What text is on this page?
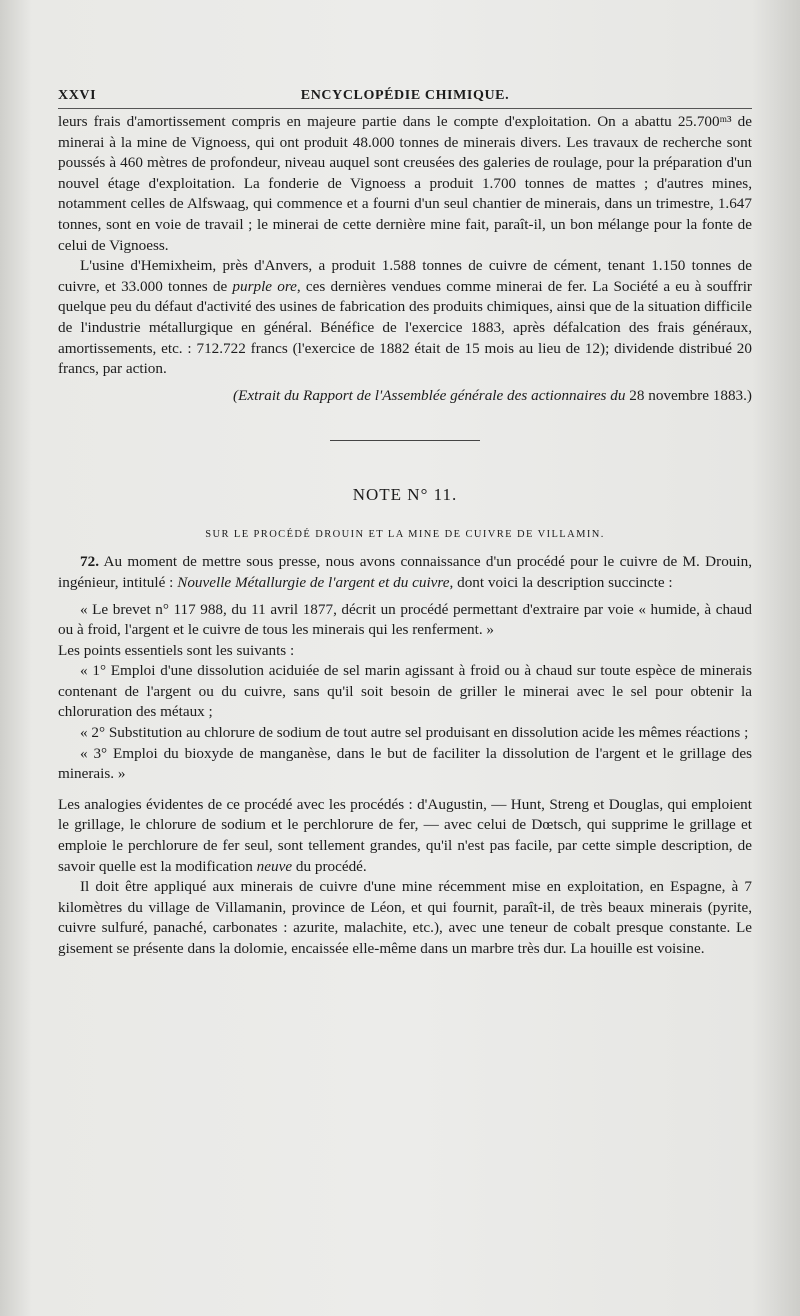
XXVI	ENCYCLOPÉDIE CHIMIQUE.

leurs frais d'amortissement compris en majeure partie dans le compte d'exploitation. On a abattu 25.700ᵐ³ de minerai à la mine de Vignoess, qui ont produit 48.000 tonnes de minerais divers. Les travaux de recherche sont poussés à 460 mètres de profondeur, niveau auquel sont creusées des galeries de roulage, pour la préparation d'un nouvel étage d'exploitation. La fonderie de Vignoess a produit 1.700 tonnes de mattes ; d'autres mines, notamment celles de Alfswaag, qui commence et a fourni d'un seul chantier de minerais, dans un trimestre, 1.647 tonnes, sont en voie de travail ; le minerai de cette dernière mine fait, paraît-il, un bon mélange pour la fonte de celui de Vignoess.

L'usine d'Hemixheim, près d'Anvers, a produit 1.588 tonnes de cuivre de cément, tenant 1.150 tonnes de cuivre, et 33.000 tonnes de purple ore, ces dernières vendues comme minerai de fer. La Société a eu à souffrir quelque peu du défaut d'activité des usines de fabrication des produits chimiques, ainsi que de la situation difficile de l'industrie métallurgique en général. Bénéfice de l'exercice 1883, après défalcation des frais généraux, amortissements, etc. : 712.722 francs (l'exercice de 1882 était de 15 mois au lieu de 12); dividende distribué 20 francs, par action.

(Extrait du Rapport de l'Assemblée générale des actionnaires du 28 novembre 1883.)

NOTE N° 11.
SUR LE PROCÉDÉ DROUIN ET LA MINE DE CUIVRE DE VILLAMIN.

72. Au moment de mettre sous presse, nous avons connaissance d'un procédé pour le cuivre de M. Drouin, ingénieur, intitulé : Nouvelle Métallurgie de l'argent et du cuivre, dont voici la description succincte :

« Le brevet n° 117 988, du 11 avril 1877, décrit un procédé permettant d'extraire par voie « humide, à chaud ou à froid, l'argent et le cuivre de tous les minerais qui les renferment. »

Les points essentiels sont les suivants :

« 1° Emploi d'une dissolution aciduiée de sel marin agissant à froid ou à chaud sur toute espèce de minerais contenant de l'argent ou du cuivre, sans qu'il soit besoin de griller le minerai avec le sel pour obtenir la chloruration des métaux ;

« 2° Substitution au chlorure de sodium de tout autre sel produisant en dissolution acide les mêmes réactions ;

« 3° Emploi du bioxyde de manganèse, dans le but de faciliter la dissolution de l'argent et le grillage des minerais. »

Les analogies évidentes de ce procédé avec les procédés : d'Augustin, — Hunt, Streng et Douglas, qui emploient le grillage, le chlorure de sodium et le perchlorure de fer, — avec celui de Dœtsch, qui supprime le grillage et emploie le perchlorure de fer seul, sont tellement grandes, qu'il n'est pas facile, par cette simple description, de savoir quelle est la modification neuve du procédé.

Il doit être appliqué aux minerais de cuivre d'une mine récemment mise en exploitation, en Espagne, à 7 kilomètres du village de Villamanin, province de Léon, et qui fournit, paraît-il, de très beaux minerais (pyrite, cuivre sulfuré, panaché, carbonates : azurite, malachite, etc.), avec une teneur de cobalt presque constante. Le gisement se présente dans la dolomie, encaissée elle-même dans un marbre très dur. La houille est voisine.
